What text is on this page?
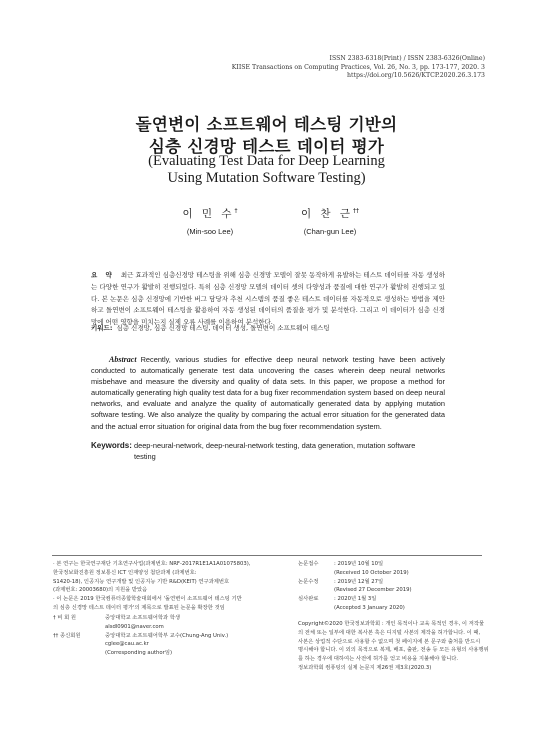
ISSN 2383-6318(Print) / ISSN 2383-6326(Online)
KIISE Transactions on Computing Practices, Vol. 26, No. 3, pp. 173-177, 2020. 3
https://doi.org/10.5626/KTCP.2020.26.3.173
돌연변이 소프트웨어 테스팅 기반의
심층 신경망 테스트 데이터 평가
(Evaluating Test Data for Deep Learning
Using Mutation Software Testing)
이 민 수†
(Min-soo Lee)
이 찬 근††
(Chan-gun Lee)
요 약 최근 효과적인 심층신경망 테스팅을 위해 심층 신경망 모델이 잘못 동작하게 유발하는 테스트 데이터를 자동 생성하는 다양한 연구가 활발히 진행되었다. 특히 심층 신경망 모델의 데이터 셋의 다양성과 품질에 대한 연구가 활발히 진행되고 있다. 본 논문은 심층 신경망에 기반한 버그 담당자 추천 시스템의 품질 좋은 테스트 데이터를 자동적으로 생성하는 방법을 제안하고 돌연변이 소프트웨어 테스팅을 활용하여 자동 생성된 데이터의 품질을 평가 및 분석한다. 그리고 이 데이터가 심층 신경망에 어떤 영향을 미치는지 실제 오류 사례를 이용하여 분석한다.
키워드: 심층 신경망, 심층 신경망 테스팅, 데이터 생성, 돌연변이 소프트웨어 테스팅
Abstract Recently, various studies for effective deep neural network testing have been actively conducted to automatically generate test data uncovering the cases wherein deep neural networks misbehave and measure the diversity and quality of data sets. In this paper, we propose a method for automatically generating high quality test data for a bug fixer recommendation system based on deep neural networks, and evaluate and analyze the quality of automatically generated data by applying mutation software testing. We also analyze the quality by comparing the actual error situation for the generated data and the actual error situation for original data from the bug fixer recommendation system.
Keywords: deep-neural-network, deep-neural-network testing, data generation, mutation software testing
· 본 연구는 한국연구재단 기초연구사업(과제번호: NRF-2017R1E1A1A01075803),
한국정보화진흥원 정보통신 ICT 인재양성 첨단과제 (과제번호:
S1420-18), 인공지능 연구개발 및 인공지능 기반 R&D(KEIT) 연구과제번호
(과제번호: 20003680)의 지원을 받았음
· 이 논문은 2019 한국컴퓨터종합학술대회에서 '돌연변이 소프트웨어 테스팅 기반
의 심층 신경망 테스트 데이터 평가'의 제목으로 발표된 논문을 확장한 것임
† 비 회 원	중앙대학교 소프트웨어학과 학생
alsdl0901@naver.com
†† 종신회원	중앙대학교 소프트웨어학부 교수(Chung-Ang Univ.)
cglee@cau.ac.kr
(Corresponding author임)
논문접수	: 2019년 10월 10일
(Received 10 October 2019)
논문수정	: 2019년 12월 27일
(Revised 27 December 2019)
심사완료	: 2020년 1월 3일
(Accepted 3 January 2020)
Copyright©2020 한국정보과학회 : 개인 목적이나 교육 목적인 경우, 이 저작물
의 전체 또는 일부에 대한 복사본 혹은 디지털 사본의 제작을 허가합니다. 이 때,
사본은 상업적 수단으로 사용할 수 없으며 첫 페이지에 본 문구와 출처를 반드시
명시해야 합니다. 이 외의 목적으로 복제, 배포, 출판, 전송 등 모든 유형의 사용행위
를 하는 경우에 대하여는 사전에 허가를 얻고 비용을 지불해야 합니다.
정보과학회 컴퓨팅의 실제 논문지 제26권 제3호(2020.3)
